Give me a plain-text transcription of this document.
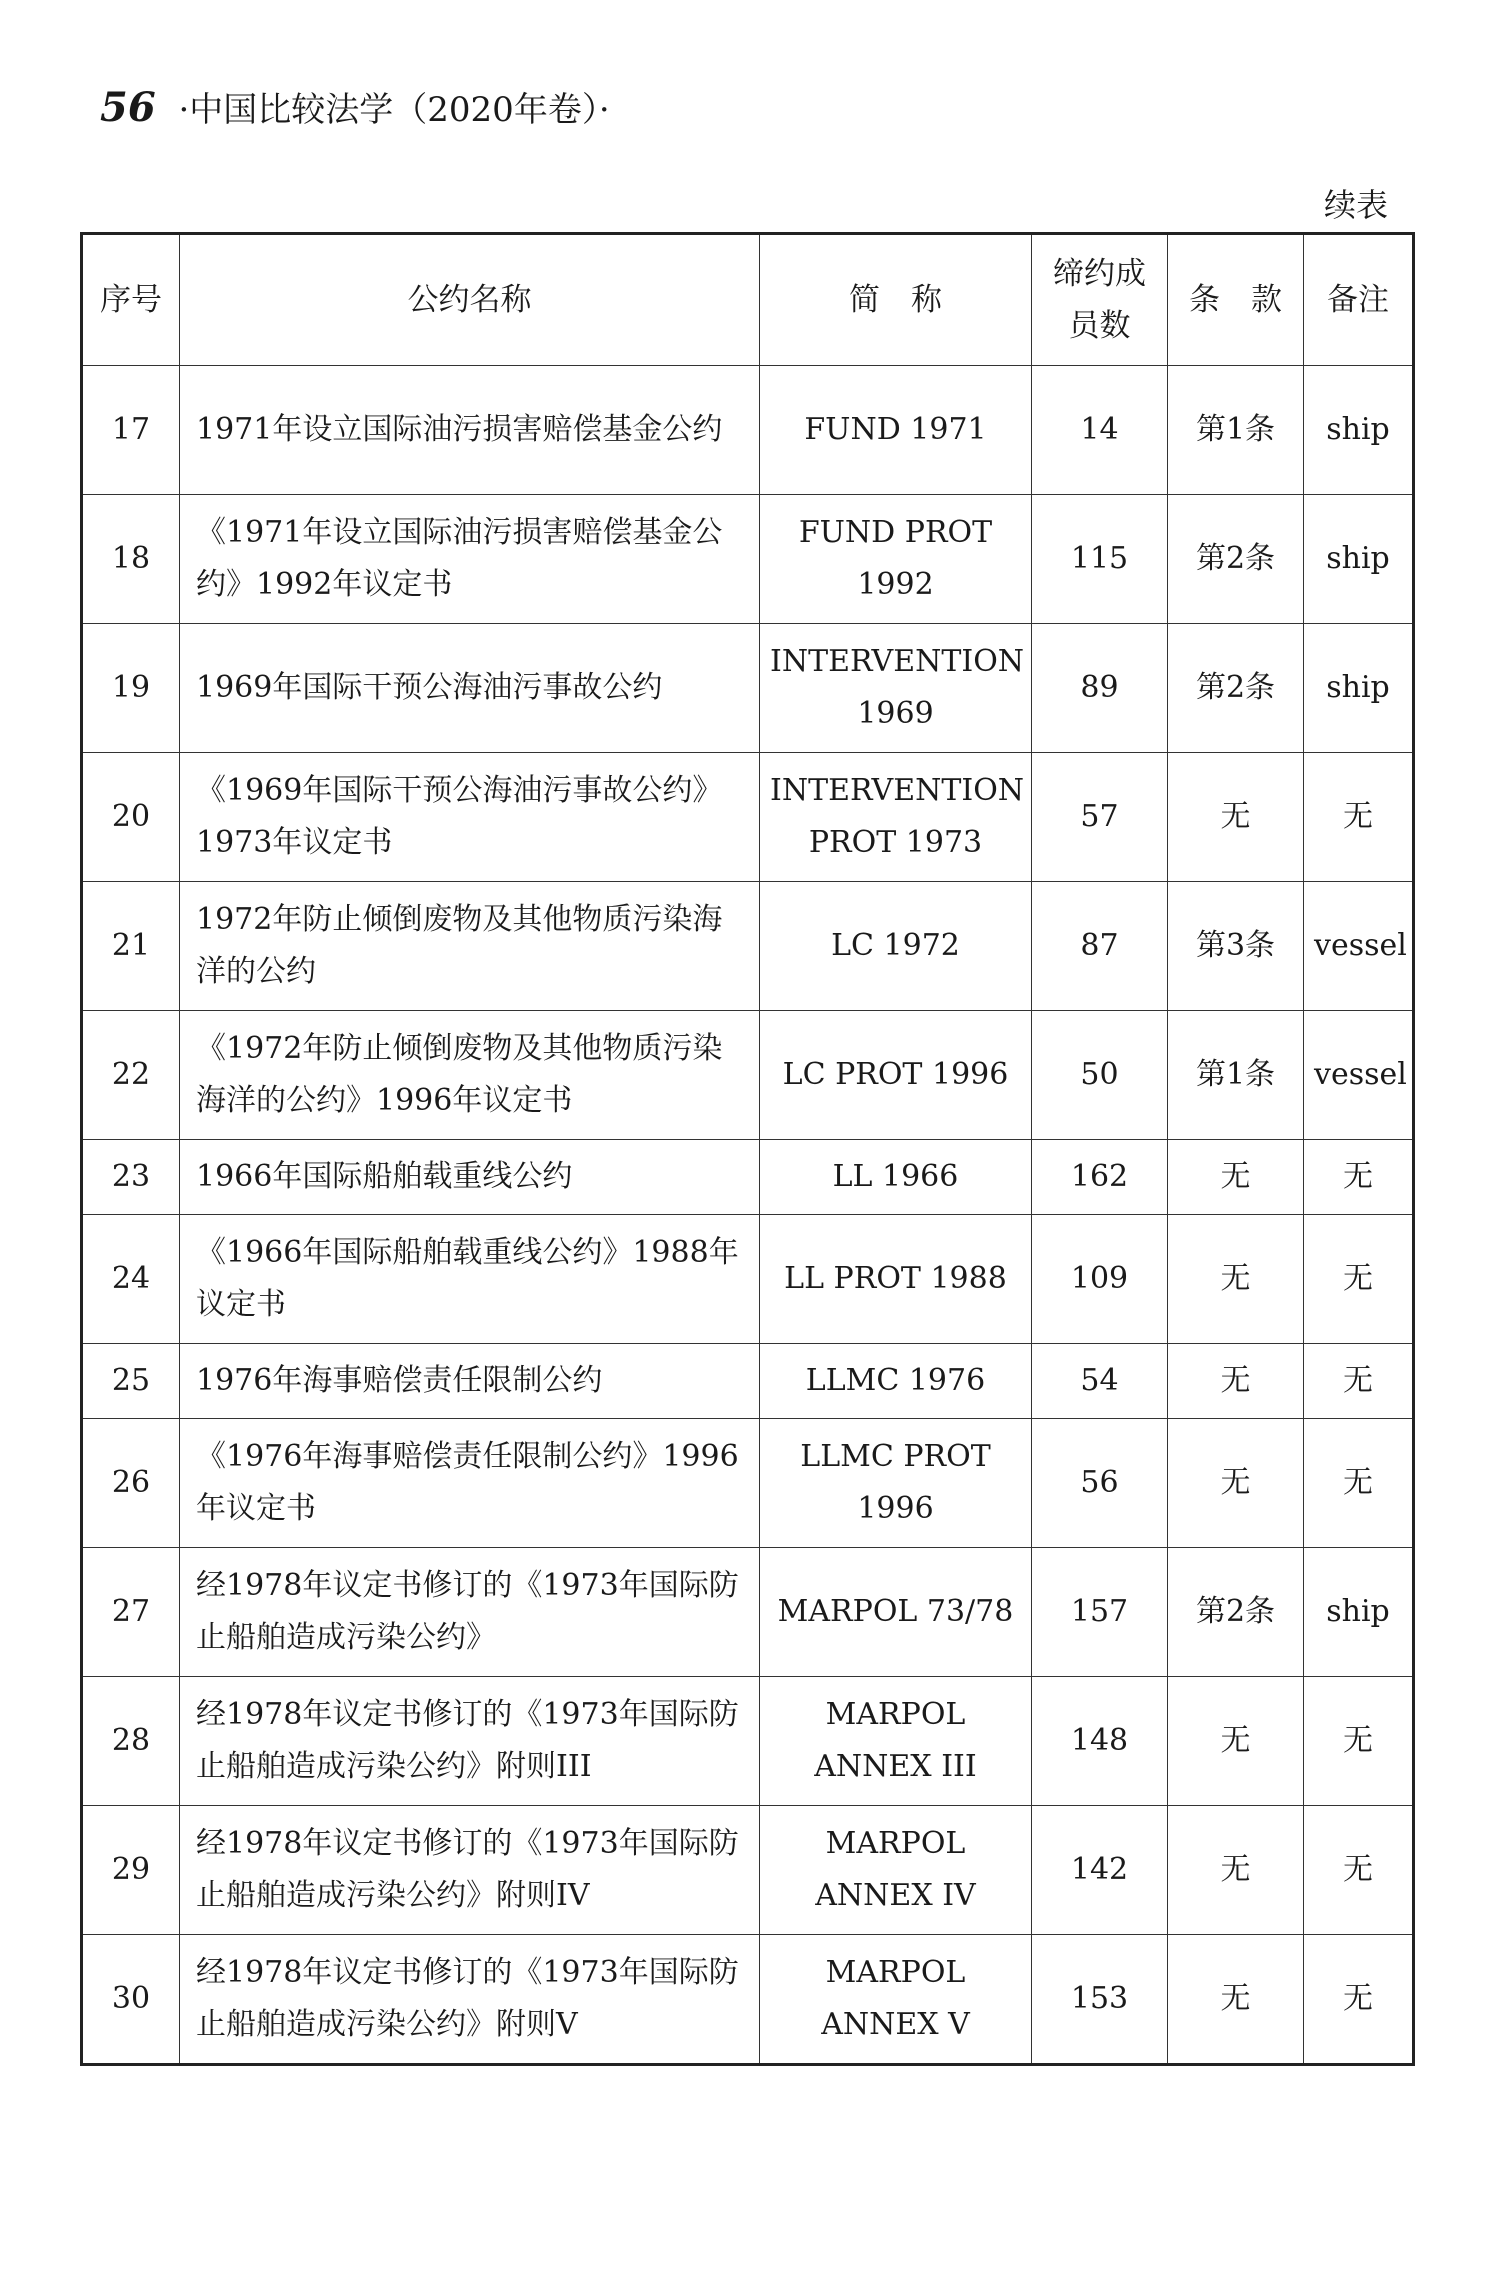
56 ·中国比较法学（2020年卷）·
续表
序号	公约名称	简　称	缔约成员数	条　款	备注
17	1971年设立国际油污损害赔偿基金公约	FUND 1971	14	第1条	ship
18	《1971年设立国际油污损害赔偿基金公约》1992年议定书	FUND PROT 1992	115	第2条	ship
19	1969年国际干预公海油污事故公约	INTERVENTION 1969	89	第2条	ship
20	《1969年国际干预公海油污事故公约》1973年议定书	INTERVENTION PROT 1973	57	无	无
21	1972年防止倾倒废物及其他物质污染海洋的公约	LC 1972	87	第3条	vessel
22	《1972年防止倾倒废物及其他物质污染海洋的公约》1996年议定书	LC PROT 1996	50	第1条	vessel
23	1966年国际船舶载重线公约	LL 1966	162	无	无
24	《1966年国际船舶载重线公约》1988年议定书	LL PROT 1988	109	无	无
25	1976年海事赔偿责任限制公约	LLMC 1976	54	无	无
26	《1976年海事赔偿责任限制公约》1996年议定书	LLMC PROT 1996	56	无	无
27	经1978年议定书修订的《1973年国际防止船舶造成污染公约》	MARPOL 73/78	157	第2条	ship
28	经1978年议定书修订的《1973年国际防止船舶造成污染公约》附则III	MARPOL ANNEX III	148	无	无
29	经1978年议定书修订的《1973年国际防止船舶造成污染公约》附则IV	MARPOL ANNEX IV	142	无	无
30	经1978年议定书修订的《1973年国际防止船舶造成污染公约》附则V	MARPOL ANNEX V	153	无	无
